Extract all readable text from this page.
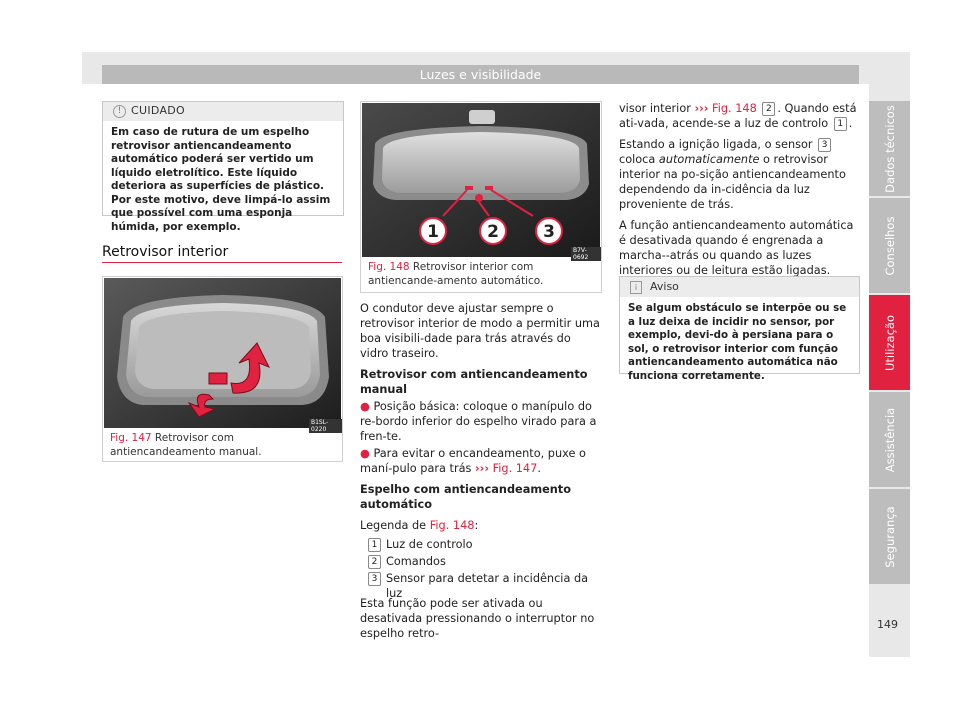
Luzes e visibilidade
Dados técnicos
Conselhos
Utilização
Assistência
Segurança
149
! CUIDADO
Em caso de rutura de um espelho retrovisor antiencandeamento automático poderá ser vertido um líquido eletrolítico. Este líquido deteriora as superfícies de plástico. Por este motivo, deve limpá-lo assim que possível com uma esponja húmida, por exemplo.
Retrovisor interior
B1SL-0220
Fig. 147 Retrovisor com antiencandeamento manual.
1	2	3
B7V-0692
Fig. 148 Retrovisor interior com antiencande-amento automático.

O condutor deve ajustar sempre o retrovisor interior de modo a permitir uma boa visibili-dade para trás através do vidro traseiro.

Retrovisor com antiencandeamento manual

● Posição básica: coloque o manípulo do re-bordo inferior do espelho virado para a fren-te.

● Para evitar o encandeamento, puxe o maní-pulo para trás ››› Fig. 147.

Espelho com antiencandeamento automático

Legenda de Fig. 148:

1 Luz de controlo
2 Comandos
3 Sensor para detetar a incidência da luz

Esta função pode ser ativada ou desativada pressionando o interruptor no espelho retro-

visor interior ››› Fig. 148 2 . Quando está ati-vada, acende-se a luz de controlo 1 .

Estando a ignição ligada, o sensor 3 coloca automaticamente o retrovisor interior na po-sição antiencandeamento dependendo da in-cidência da luz proveniente de trás.

A função antiencandeamento automática é desativada quando é engrenada a marcha--atrás ou quando as luzes interiores ou de leitura estão ligadas.

i	Aviso
Se algum obstáculo se interpõe ou se a luz deixa de incidir no sensor, por exemplo, devi-do à persiana para o sol, o retrovisor interior com função antiencandeamento automática não funciona corretamente.
